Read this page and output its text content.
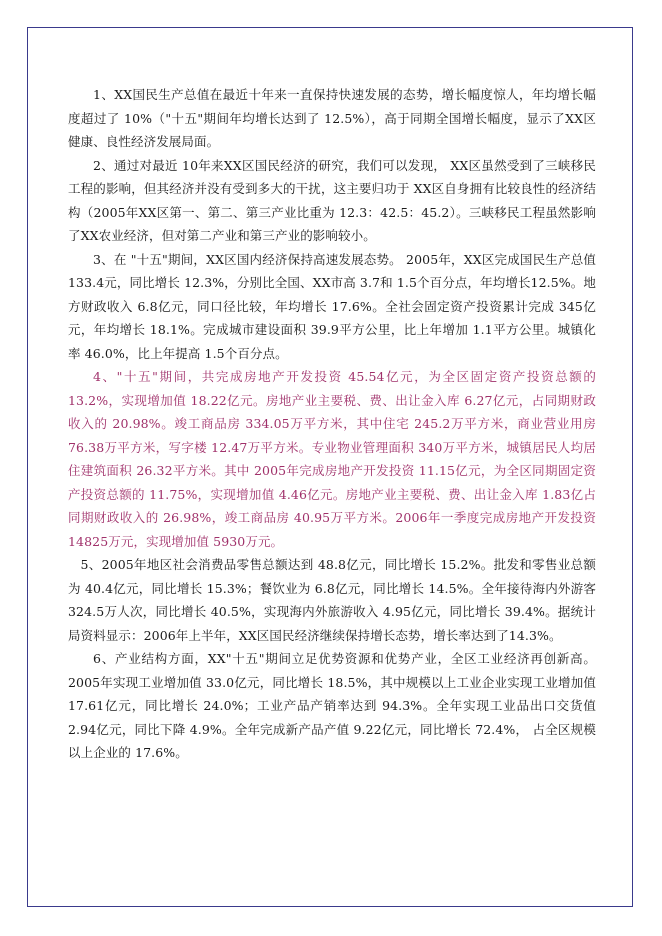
1、XX国民生产总值在最近十年来一直保持快速发展的态势，增长幅度惊人，年均增长幅度超过了 10%（"十五"期间年均增长达到了 12.5%），高于同期全国增长幅度，显示了XX区健康、良性经济发展局面。

2、通过对最近 10年来XX区国民经济的研究，我们可以发现， XX区虽然受到了三峡移民工程的影响，但其经济并没有受到多大的干扰，这主要归功于 XX区自身拥有比较良性的经济结构（2005年XX区第一、第二、第三产业比重为 12.3：42.5：45.2）。三峡移民工程虽然影响了XX农业经济，但对第二产业和第三产业的影响较小。

3、在 "十五"期间，XX区国内经济保持高速发展态势。 2005年，XX区完成国民生产总值133.4元，同比增长 12.3%，分别比全国、XX市高 3.7和 1.5个百分点，年均增长12.5%。地方财政收入 6.8亿元，同口径比较，年均增长 17.6%。全社会固定资产投资累计完成 345亿元，年均增长 18.1%。完成城市建设面积 39.9平方公里，比上年增加 1.1平方公里。城镇化率 46.0%，比上年提高 1.5个百分点。

4、"十五"期间，共完成房地产开发投资 45.54亿元，为全区固定资产投资总额的13.2%，实现增加值 18.22亿元。房地产业主要税、费、出让金入库 6.27亿元，占同期财政收入的 20.98%。竣工商品房 334.05万平方米，其中住宅 245.2万平方米，商业营业用房 76.38万平方米，写字楼 12.47万平方米。专业物业管理面积 340万平方米，城镇居民人均居住建筑面积 26.32平方米。其中 2005年完成房地产开发投资 11.15亿元，为全区同期固定资产投资总额的 11.75%，实现增加值 4.46亿元。房地产业主要税、费、出让金入库 1.83亿占同期财政收入的 26.98%，竣工商品房 40.95万平方米。2006年一季度完成房地产开发投资 14825万元，实现增加值 5930万元。

5、2005年地区社会消费品零售总额达到 48.8亿元，同比增长 15.2%。批发和零售业总额为 40.4亿元，同比增长 15.3%；餐饮业为 6.8亿元，同比增长 14.5%。全年接待海内外游客 324.5万人次，同比增长 40.5%，实现海内外旅游收入 4.95亿元，同比增长 39.4%。据统计局资料显示：2006年上半年，XX区国民经济继续保持增长态势，增长率达到了14.3%。

6、产业结构方面，XX"十五"期间立足优势资源和优势产业，全区工业经济再创新高。2005年实现工业增加值 33.0亿元，同比增长 18.5%，其中规模以上工业企业实现工业增加值 17.61亿元，同比增长 24.0%；工业产品产销率达到 94.3%。全年实现工业品出口交货值 2.94亿元，同比下降 4.9%。全年完成新产品产值 9.22亿元，同比增长 72.4%， 占全区规模以上企业的 17.6%。
